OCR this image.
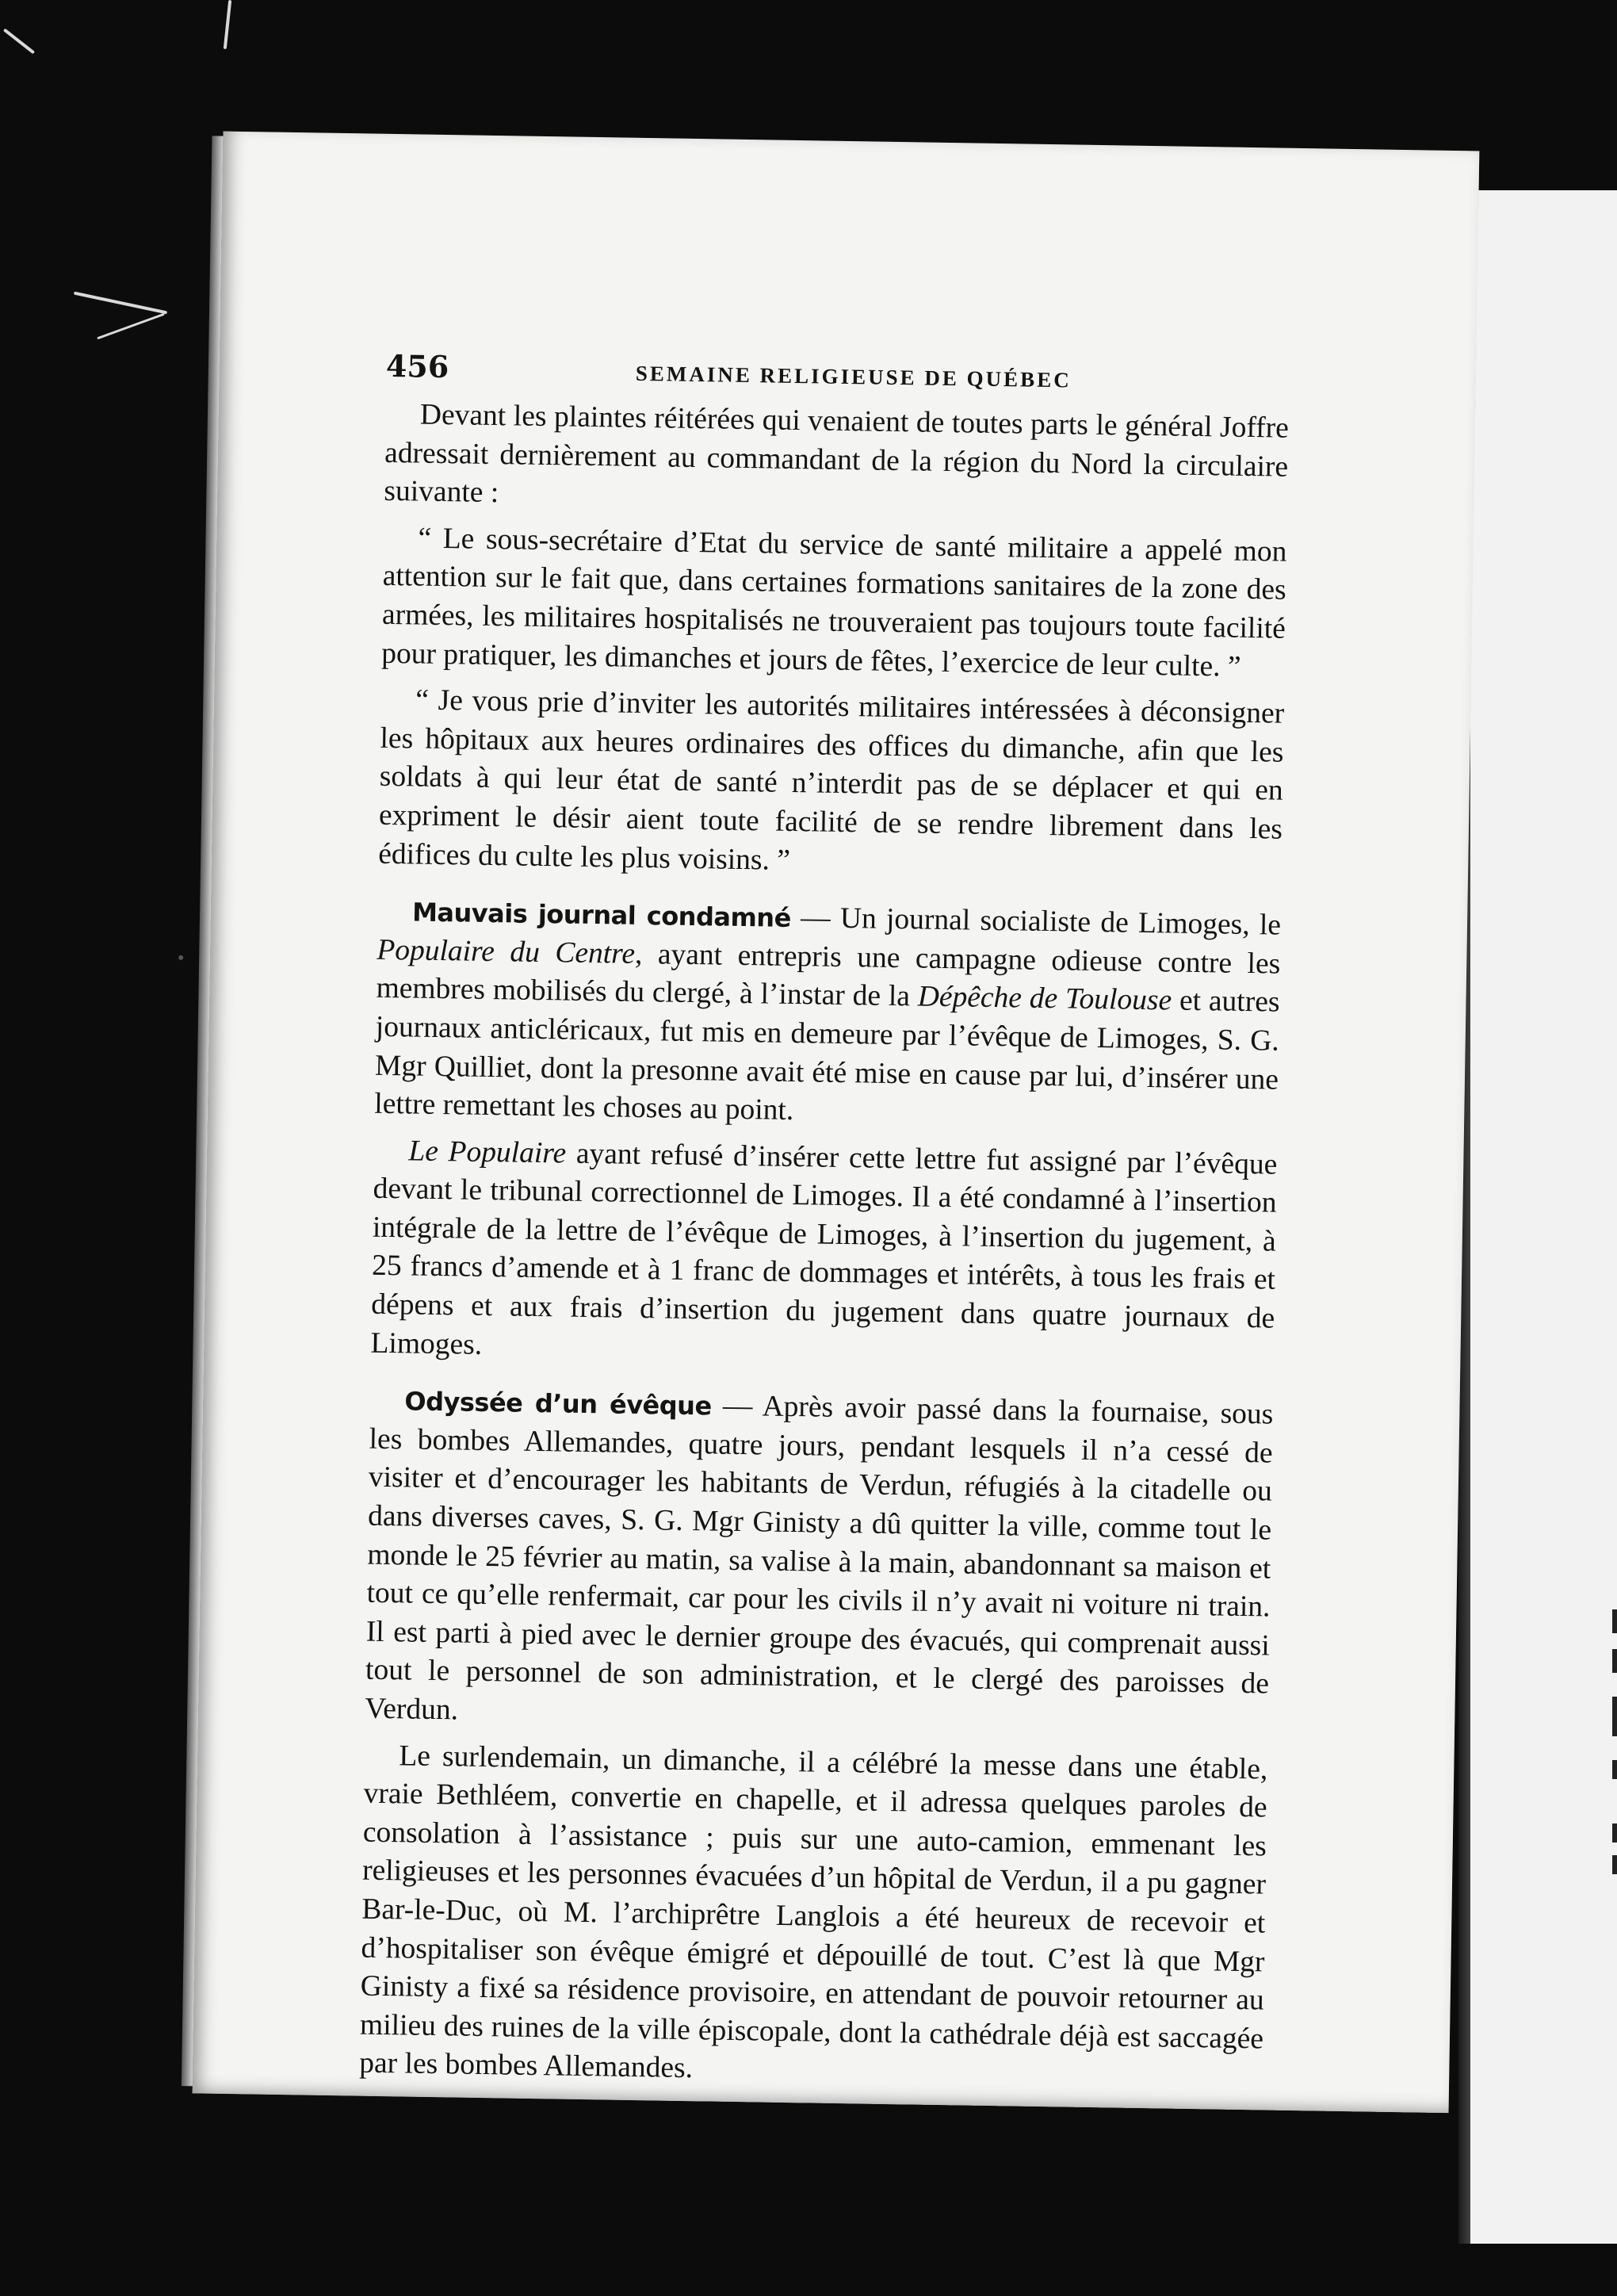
456	SEMAINE RELIGIEUSE DE QUÉBEC

Devant les plaintes réitérées qui venaient de toutes parts le général Joffre adressait dernièrement au commandant de la région du Nord la circulaire suivante :

“ Le sous-secrétaire d’Etat du service de santé militaire a appelé mon attention sur le fait que, dans certaines formations sanitaires de la zone des armées, les militaires hospitalisés ne trouveraient pas toujours toute facilité pour pratiquer, les dimanches et jours de fêtes, l’exercice de leur culte. ”

“ Je vous prie d’inviter les autorités militaires intéressées à déconsigner les hôpitaux aux heures ordinaires des offices du dimanche, afin que les soldats à qui leur état de santé n’interdit pas de se déplacer et qui en expriment le désir aient toute facilité de se rendre librement dans les édifices du culte les plus voisins. ”

Mauvais journal condamné — Un journal socialiste de Limoges, le Populaire du Centre, ayant entrepris une campagne odieuse contre les membres mobilisés du clergé, à l’instar de la Dépêche de Toulouse et autres journaux anticléricaux, fut mis en demeure par l’évêque de Limoges, S. G. Mgr Quilliet, dont la presonne avait été mise en cause par lui, d’insérer une lettre remettant les choses au point.

Le Populaire ayant refusé d’insérer cette lettre fut assigné par l’évêque devant le tribunal correctionnel de Limoges. Il a été condamné à l’insertion intégrale de la lettre de l’évêque de Limoges, à l’insertion du jugement, à 25 francs d’amende et à 1 franc de dommages et intérêts, à tous les frais et dépens et aux frais d’insertion du jugement dans quatre journaux de Limoges.

Odyssée d’un évêque — Après avoir passé dans la fournaise, sous les bombes Allemandes, quatre jours, pendant lesquels il n’a cessé de visiter et d’encourager les habitants de Verdun, réfugiés à la citadelle ou dans diverses caves, S. G. Mgr Ginisty a dû quitter la ville, comme tout le monde le 25 février au matin, sa valise à la main, abandonnant sa maison et tout ce qu’elle renfermait, car pour les civils il n’y avait ni voiture ni train. Il est parti à pied avec le dernier groupe des évacués, qui comprenait aussi tout le personnel de son administration, et le clergé des paroisses de Verdun.

Le surlendemain, un dimanche, il a célébré la messe dans une étable, vraie Bethléem, convertie en chapelle, et il adressa quelques paroles de consolation à l’assistance ; puis sur une auto-camion, emmenant les religieuses et les personnes évacuées d’un hôpital de Verdun, il a pu gagner Bar-le-Duc, où M. l’archiprêtre Langlois a été heureux de recevoir et d’hospitaliser son évêque émigré et dépouillé de tout. C’est là que Mgr Ginisty a fixé sa résidence provisoire, en attendant de pouvoir retourner au milieu des ruines de la ville épiscopale, dont la cathédrale déjà est saccagée par les bombes Allemandes.
